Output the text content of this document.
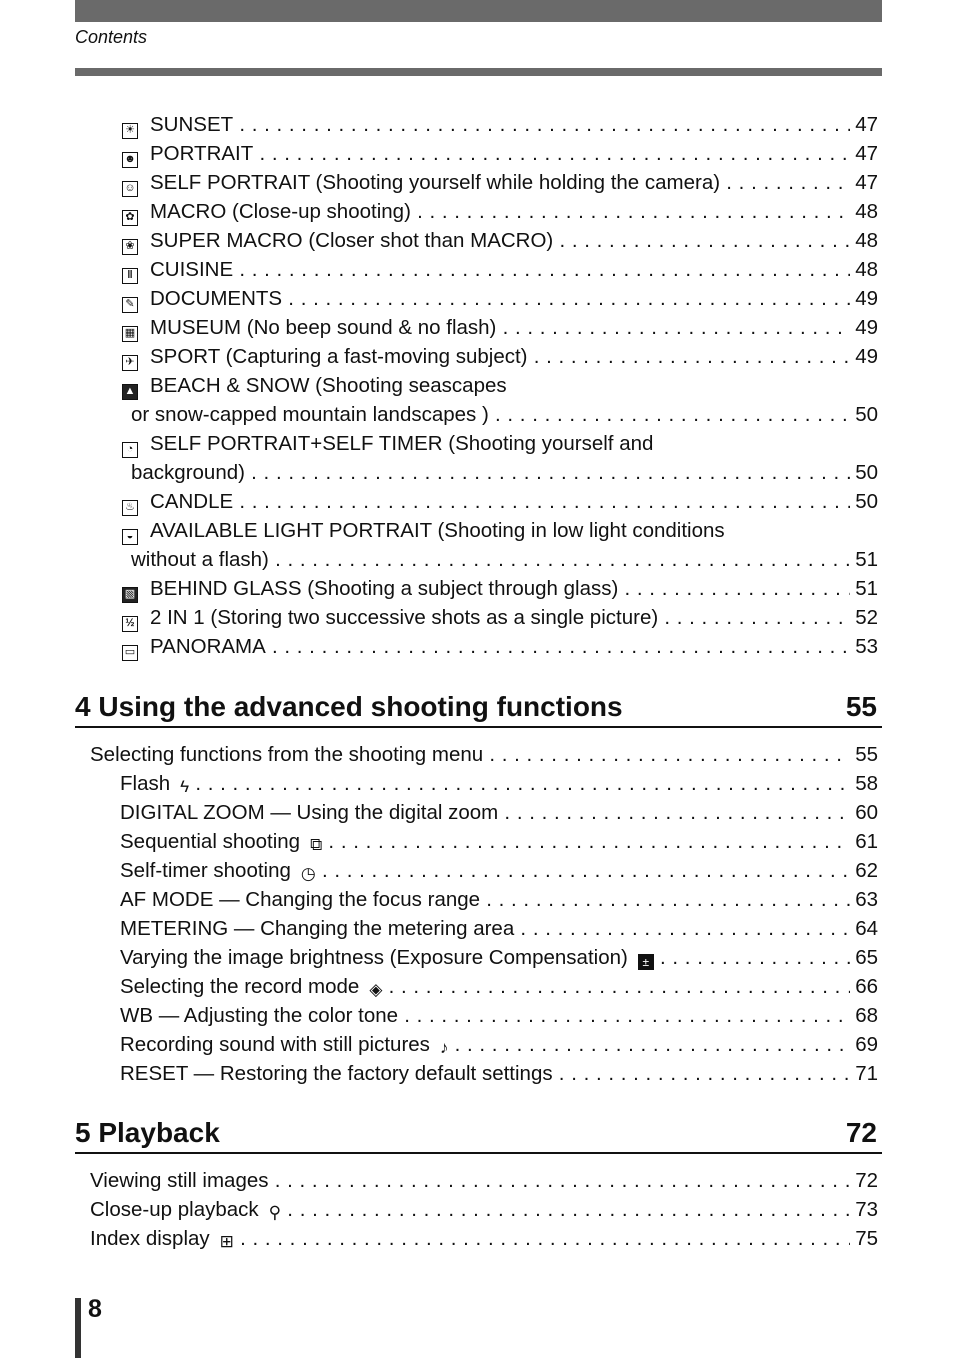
Contents
☀ SUNSET . . .	47
☻ PORTRAIT . . .	47
☺ SELF PORTRAIT (Shooting yourself while holding the camera) . . .	47
✿ MACRO (Close-up shooting) . . .	48
❀ SUPER MACRO (Closer shot than MACRO) . . .	48
‖ CUISINE . . .	48
✎ DOCUMENTS . . .	49
▦ MUSEUM (No beep sound & no flash) . . .	49
✈ SPORT (Capturing a fast-moving subject) . . .	49
▲ BEACH & SNOW (Shooting seascapes
or snow-capped mountain landscapes ) . . .	50
◔ SELF PORTRAIT+SELF TIMER (Shooting yourself and
background) . . .	50
♨ CANDLE . . .	50
◒ AVAILABLE LIGHT PORTRAIT (Shooting in low light conditions
without a flash) . . .	51
▧ BEHIND GLASS (Shooting a subject through glass) . . .	51
½ 2 IN 1 (Storing two successive shots as a single picture) . . .	52
▭ PANORAMA . . .	53
4 Using the advanced shooting functions	55
Selecting functions from the shooting menu . . .	55
Flash ϟ . . .	58
DIGITAL ZOOM — Using the digital zoom . . .	60
Sequential shooting ⧉ . . .	61
Self-timer shooting ◷ . . .	62
AF MODE — Changing the focus range . . .	63
METERING — Changing the metering area . . .	64
Varying the image brightness (Exposure Compensation) ± . . .	65
Selecting the record mode ◈ . . .	66
WB — Adjusting the color tone . . .	68
Recording sound with still pictures ♪ . . .	69
RESET — Restoring the factory default settings . . .	71
5 Playback	72
Viewing still images . . .	72
Close-up playback ⚲ . . .	73
Index display ⊞ . . .	75
8
